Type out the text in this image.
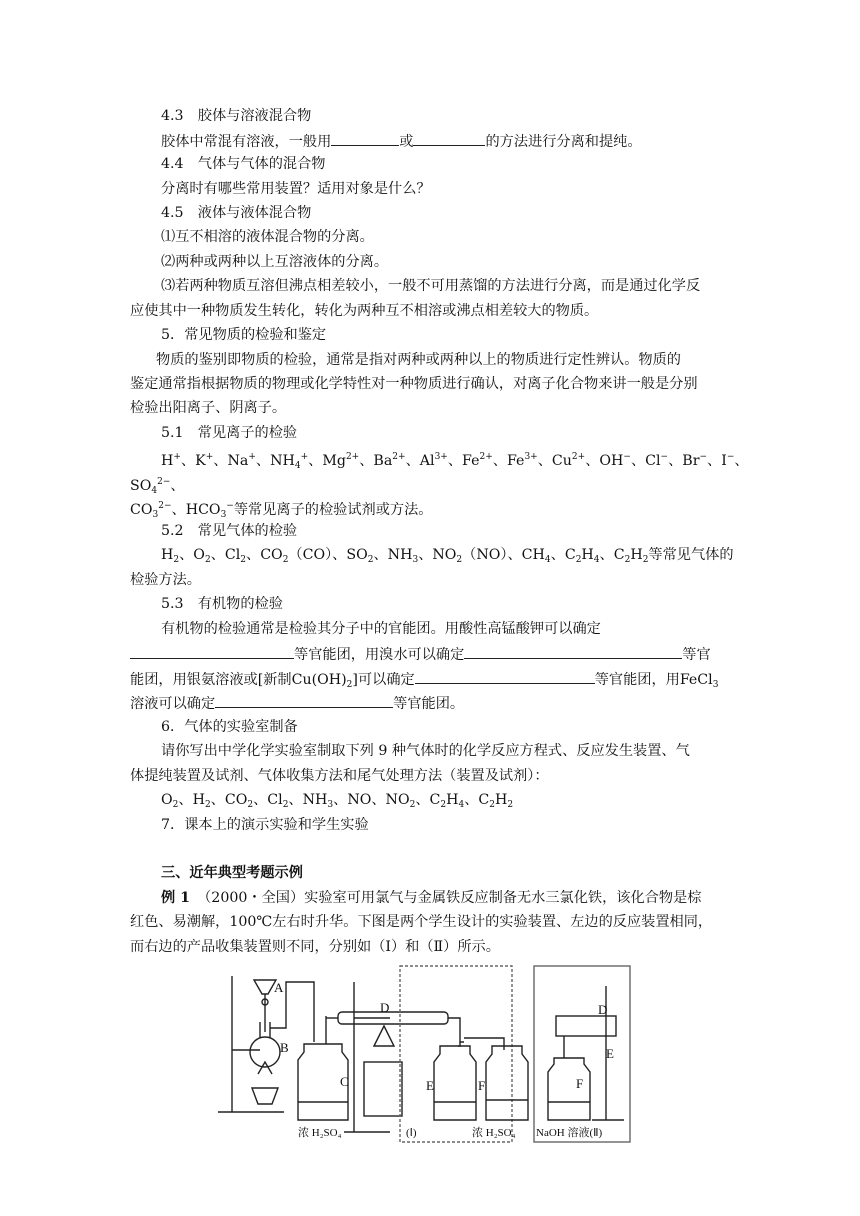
4.3　胶体与溶液混合物
胶体中常混有溶液，一般用	或	的方法进行分离和提纯。
4.4　气体与气体的混合物
分离时有哪些常用装置？适用对象是什么？
4.5　液体与液体混合物
⑴互不相溶的液体混合物的分离。
⑵两种或两种以上互溶液体的分离。
⑶若两种物质互溶但沸点相差较小，一般不可用蒸馏的方法进行分离，而是通过化学反
应使其中一种物质发生转化，转化为两种互不相溶或沸点相差较大的物质。
5．常见物质的检验和鉴定
物质的鉴别即物质的检验，通常是指对两种或两种以上的物质进行定性辨认。物质的
鉴定通常指根据物质的物理或化学特性对一种物质进行确认，对离子化合物来讲一般是分别
检验出阳离子、阴离子。
5.1　常见离子的检验
H+、K+、Na+、$NH_4^+$、$Mg^{2+}$、$Ba^{2+}$、$Al^{3+}$、$Fe^{2+}$、$Fe^{3+}$、$Cu^{2+}$、OH−、Cl−、Br−、I−、
$SO_4^{2-}$、
$CO_3^{2-}$、$HCO_3^-$等常见离子的检验试剂或方法。
5.2　常见气体的检验
$H_2$、$O_2$、$Cl_2$、$CO_2(CO)$、$SO_2$、$NH_3$、$NO_2(NO)$、$CH_4$、$C_2H_4$、$C_2H_2$等常见气体的
检验方法。
5.3　有机物的检验
有机物的检验通常是检验其分子中的官能团。用酸性高锰酸钾可以确定
等官能团，用溴水可以确定	等官
能团，用银氨溶液或[新制$Cu(OH)_2$]可以确定	等官能团，用FeCl$_3$
溶液可以确定	等官能团。
6．气体的实验室制备
请你写出中学化学实验室制取下列 9 种气体时的化学反应方程式、反应发生装置、气
体提纯装置及试剂、气体收集方法和尾气处理方法（装置及试剂）：
$O_2$、$H_2$、$CO_2$、$Cl_2$、$NH_3$、NO、$NO_2$、$C_2H_4$、$C_2H_2$
7．课本上的演示实验和学生实验
三、近年典型考题示例
例 1　 （2000・全国）实验室可用氯气与金属铁反应制备无水三氯化铁，该化合物是棕
红色、易潮解，100℃左右时升华。下图是两个学生设计的实验装置、左边的反应装置相同，
而右边的产品收集装置则不同，分别如（Ⅰ）和（Ⅱ）所示。
A
B
C
D	D
E
E
F	F
浓 H₂SO₄	(Ⅰ)	浓 H₂SO₄ NaOH 溶液(Ⅱ)
